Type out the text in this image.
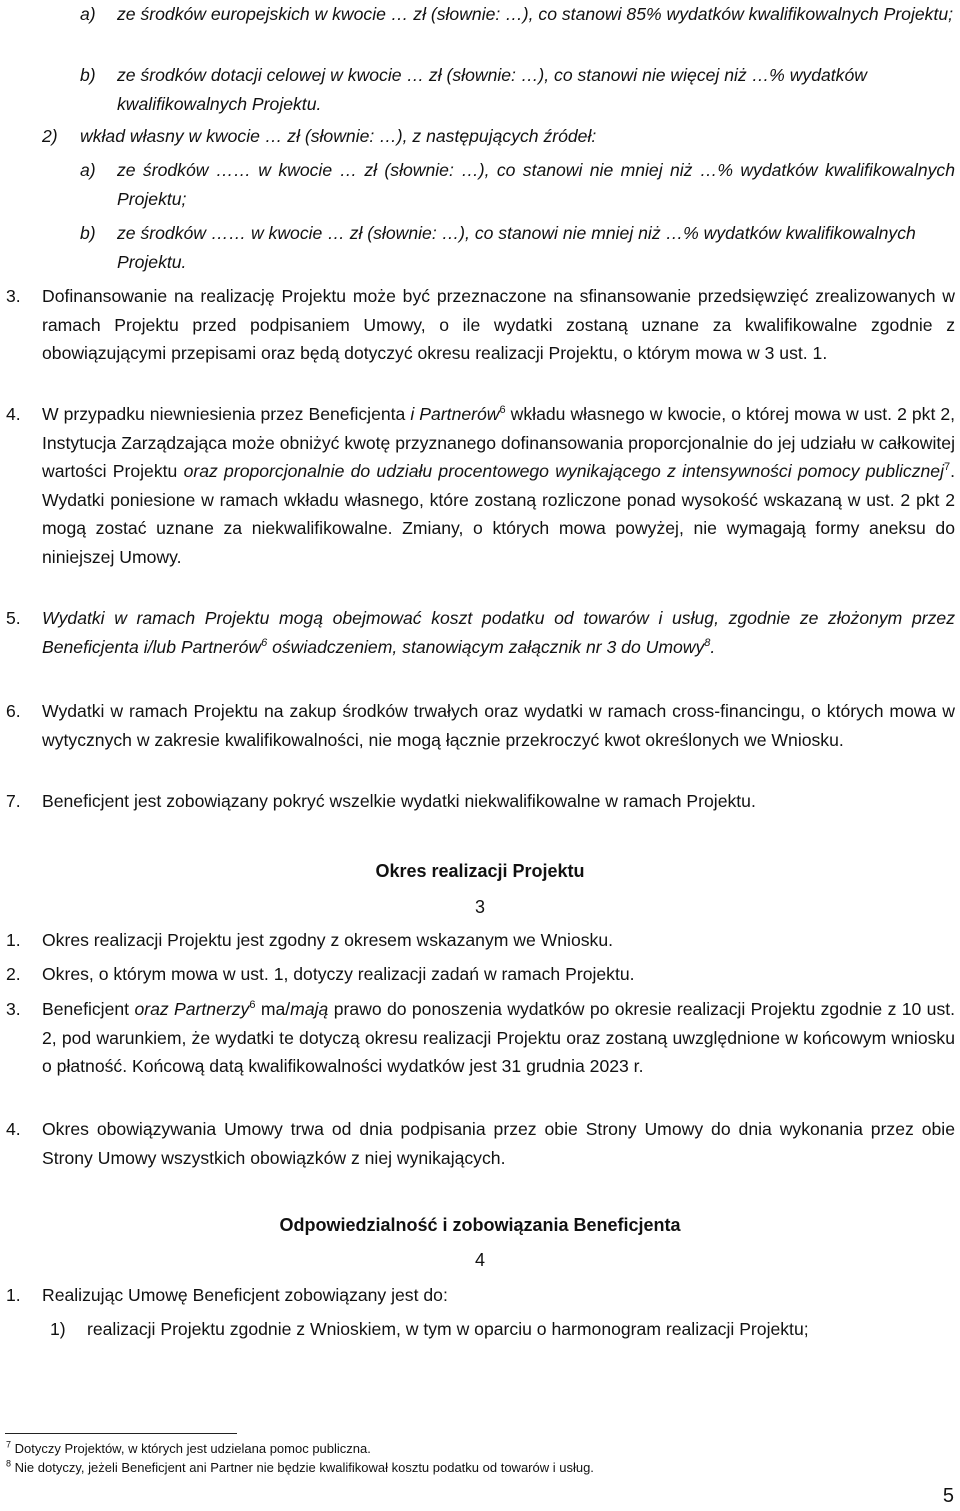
a) ze środków europejskich w kwocie … zł (słownie: …), co stanowi 85% wydatków kwalifikowalnych Projektu;

b) ze środków dotacji celowej w kwocie … zł (słownie: …), co stanowi nie więcej niż …% wydatków kwalifikowalnych Projektu.

2) wkład własny w kwocie … zł (słownie: …), z następujących źródeł:

a) ze środków …… w kwocie … zł (słownie: …), co stanowi nie mniej niż …% wydatków kwalifikowalnych Projektu;

b) ze środków …… w kwocie … zł (słownie: …), co stanowi nie mniej niż …% wydatków kwalifikowalnych Projektu.

3. Dofinansowanie na realizację Projektu może być przeznaczone na sfinansowanie przedsięwzięć zrealizowanych w ramach Projektu przed podpisaniem Umowy, o ile wydatki zostaną uznane za kwalifikowalne zgodnie z obowiązującymi przepisami oraz będą dotyczyć okresu realizacji Projektu, o którym mowa w 3 ust. 1.

4. W przypadku niewniesienia przez Beneficjenta i Partnerów$^6$ wkładu własnego w kwocie, o której mowa w ust. 2 pkt 2, Instytucja Zarządzająca może obniżyć kwotę przyznanego dofinansowania proporcjonalnie do jej udziału w całkowitej wartości Projektu oraz proporcjonalnie do udziału procentowego wynikającego z intensywności pomocy publicznej$^7$. Wydatki poniesione w ramach wkładu własnego, które zostaną rozliczone ponad wysokość wskazaną w ust. 2 pkt 2 mogą zostać uznane za niekwalifikowalne. Zmiany, o których mowa powyżej, nie wymagają formy aneksu do niniejszej Umowy.

5. Wydatki w ramach Projektu mogą obejmować koszt podatku od towarów i usług, zgodnie ze złożonym przez Beneficjenta i/lub Partnerów$^6$ oświadczeniem, stanowiącym załącznik nr 3 do Umowy$^8$.

6. Wydatki w ramach Projektu na zakup środków trwałych oraz wydatki w ramach cross-financingu, o których mowa w wytycznych w zakresie kwalifikowalności, nie mogą łącznie przekroczyć kwot określonych we Wniosku.

7. Beneficjent jest zobowiązany pokryć wszelkie wydatki niekwalifikowalne w ramach Projektu.

Okres realizacji Projektu
3
1. Okres realizacji Projektu jest zgodny z okresem wskazanym we Wniosku.

2. Okres, o którym mowa w ust. 1, dotyczy realizacji zadań w ramach Projektu.

3. Beneficjent oraz Partnerzy$^6$ ma/mają prawo do ponoszenia wydatków po okresie realizacji Projektu zgodnie z 10 ust. 2, pod warunkiem, że wydatki te dotyczą okresu realizacji Projektu oraz zostaną uwzględnione w końcowym wniosku o płatność. Końcową datą kwalifikowalności wydatków jest 31 grudnia 2023 r.

4. Okres obowiązywania Umowy trwa od dnia podpisania przez obie Strony Umowy do dnia wykonania przez obie Strony Umowy wszystkich obowiązków z niej wynikających.

Odpowiedzialność i zobowiązania Beneficjenta
4
1. Realizując Umowę Beneficjent zobowiązany jest do:

1) realizacji Projektu zgodnie z Wnioskiem, w tym w oparciu o harmonogram realizacji Projektu;

$^7$ Dotyczy Projektów, w których jest udzielana pomoc publiczna.
$^8$ Nie dotyczy, jeżeli Beneficjent ani Partner nie będzie kwalifikował kosztu podatku od towarów i usług.
5
